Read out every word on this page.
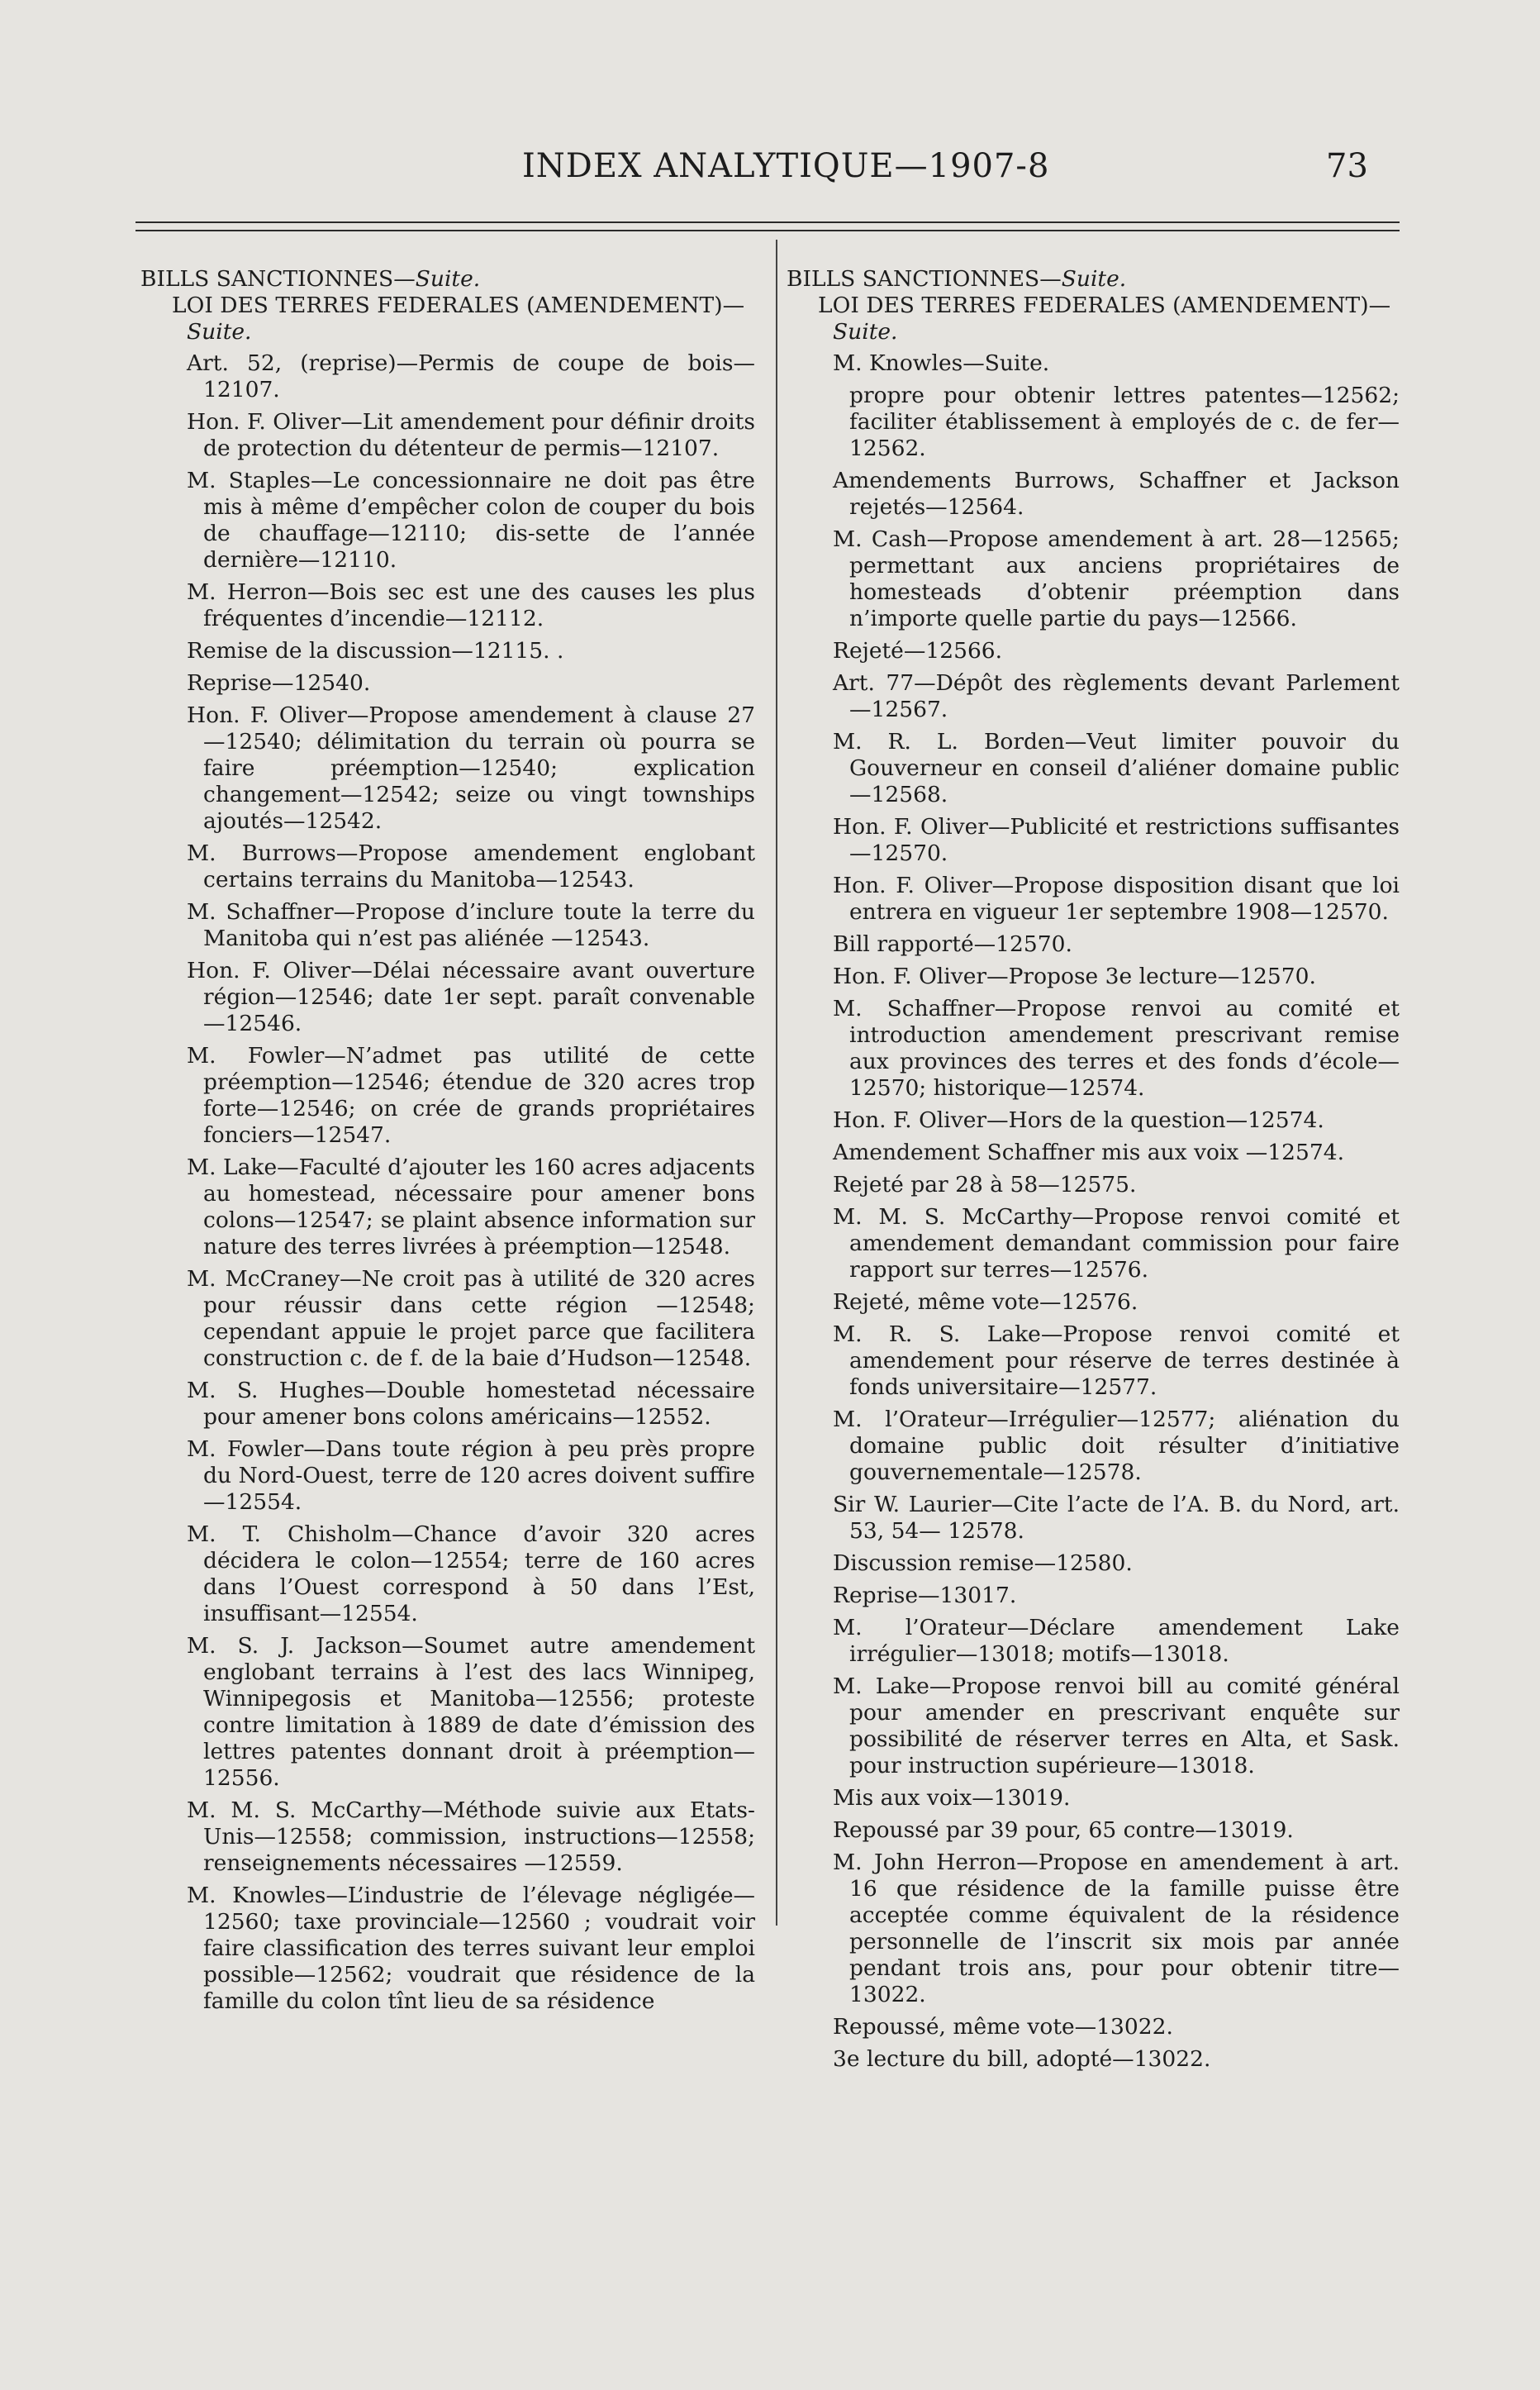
INDEX ANALYTIQUE—1907-8	73

BILLS SANCTIONNES—Suite.

LOI DES TERRES FEDERALES (AMENDEMENT)—Suite.

Art. 52, (reprise)—Permis de coupe de bois—12107.

Hon. F. Oliver—Lit amendement pour définir droits de protection du détenteur de permis—12107.

M. Staples—Le concessionnaire ne doit pas être mis à même d’empêcher colon de couper du bois de chauffage—12110; dis-sette de l’année dernière—12110.

M. Herron—Bois sec est une des causes les plus fréquentes d’incendie—12112.

Remise de la discussion—12115. .

Reprise—12540.

Hon. F. Oliver—Propose amendement à clause 27—12540; délimitation du terrain où pourra se faire préemption—12540; explication changement—12542; seize ou vingt townships ajoutés—12542.

M. Burrows—Propose amendement englobant certains terrains du Manitoba—12543.

M. Schaffner—Propose d’inclure toute la terre du Manitoba qui n’est pas aliénée —12543.

Hon. F. Oliver—Délai nécessaire avant ouverture région—12546; date 1er sept. paraît convenable—12546.

M. Fowler—N’admet pas utilité de cette préemption—12546; étendue de 320 acres trop forte—12546; on crée de grands propriétaires fonciers—12547.

M. Lake—Faculté d’ajouter les 160 acres adjacents au homestead, nécessaire pour amener bons colons—12547; se plaint absence information sur nature des terres livrées à préemption—12548.

M. McCraney—Ne croit pas à utilité de 320 acres pour réussir dans cette région —12548; cependant appuie le projet parce que facilitera construction c. de f. de la baie d’Hudson—12548.

M. S. Hughes—Double homestetad nécessaire pour amener bons colons américains—12552.

M. Fowler—Dans toute région à peu près propre du Nord-Ouest, terre de 120 acres doivent suffire—12554.

M. T. Chisholm—Chance d’avoir 320 acres décidera le colon—12554; terre de 160 acres dans l’Ouest correspond à 50 dans l’Est, insuffisant—12554.

M. S. J. Jackson—Soumet autre amendement englobant terrains à l’est des lacs Winnipeg, Winnipegosis et Manitoba—12556; proteste contre limitation à 1889 de date d’émission des lettres patentes donnant droit à préemption—12556.

M. M. S. McCarthy—Méthode suivie aux Etats-Unis—12558; commission, instructions—12558; renseignements nécessaires —12559.

M. Knowles—L’industrie de l’élevage négligée—12560; taxe provinciale—12560 ; voudrait voir faire classification des terres suivant leur emploi possible—12562; voudrait que résidence de la famille du colon tînt lieu de sa résidence

BILLS SANCTIONNES—Suite.

LOI DES TERRES FEDERALES (AMENDEMENT)—Suite.

M. Knowles—Suite.

propre pour obtenir lettres patentes—12562; faciliter établissement à employés de c. de fer—12562.

Amendements Burrows, Schaffner et Jackson rejetés—12564.

M. Cash—Propose amendement à art. 28—12565; permettant aux anciens propriétaires de homesteads d’obtenir préemption dans n’importe quelle partie du pays—12566.

Rejeté—12566.

Art. 77—Dépôt des règlements devant Parlement—12567.

M. R. L. Borden—Veut limiter pouvoir du Gouverneur en conseil d’aliéner domaine public—12568.

Hon. F. Oliver—Publicité et restrictions suffisantes—12570.

Hon. F. Oliver—Propose disposition disant que loi entrera en vigueur 1er septembre 1908—12570.

Bill rapporté—12570.

Hon. F. Oliver—Propose 3e lecture—12570.

M. Schaffner—Propose renvoi au comité et introduction amendement prescrivant remise aux provinces des terres et des fonds d’école—12570; historique—12574.

Hon. F. Oliver—Hors de la question—12574.

Amendement Schaffner mis aux voix —12574.

Rejeté par 28 à 58—12575.

M. M. S. McCarthy—Propose renvoi comité et amendement demandant commission pour faire rapport sur terres—12576.

Rejeté, même vote—12576.

M. R. S. Lake—Propose renvoi comité et amendement pour réserve de terres destinée à fonds universitaire—12577.

M. l’Orateur—Irrégulier—12577; aliénation du domaine public doit résulter d’initiative gouvernementale—12578.

Sir W. Laurier—Cite l’acte de l’A. B. du Nord, art. 53, 54— 12578.

Discussion remise—12580.

Reprise—13017.

M. l’Orateur—Déclare amendement Lake irrégulier—13018; motifs—13018.

M. Lake—Propose renvoi bill au comité général pour amender en prescrivant enquête sur possibilité de réserver terres en Alta, et Sask. pour instruction supérieure—13018.

Mis aux voix—13019.

Repoussé par 39 pour, 65 contre—13019.

M. John Herron—Propose en amendement à art. 16 que résidence de la famille puisse être acceptée comme équivalent de la résidence personnelle de l’inscrit six mois par année pendant trois ans, pour pour obtenir titre—13022.

Repoussé, même vote—13022.

3e lecture du bill, adopté—13022.
